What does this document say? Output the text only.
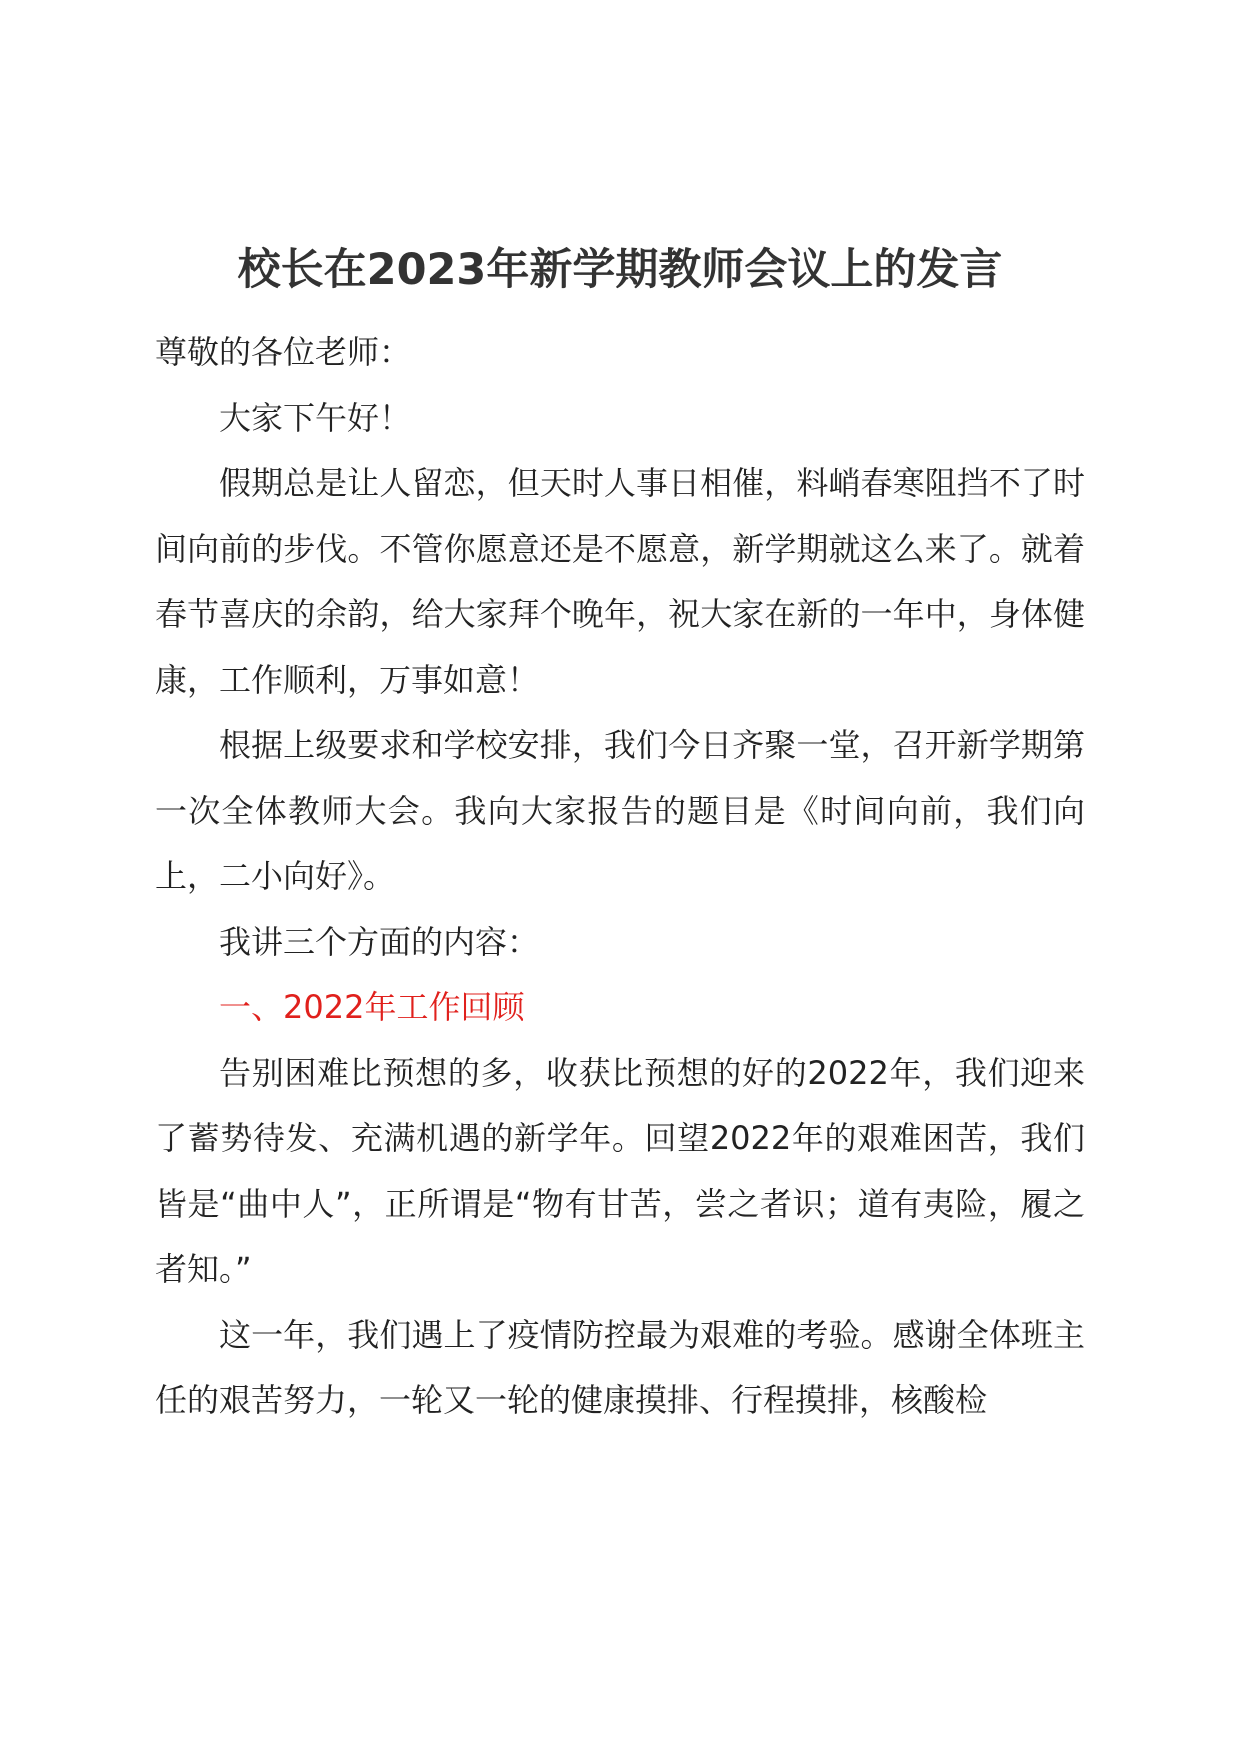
校长在2023年新学期教师会议上的发言

尊敬的各位老师：

大家下午好！

假期总是让人留恋，但天时人事日相催，料峭春寒阻挡不了时间向前的步伐。不管你愿意还是不愿意，新学期就这么来了。就着春节喜庆的余韵，给大家拜个晚年，祝大家在新的一年中，身体健康，工作顺利，万事如意！

根据上级要求和学校安排，我们今日齐聚一堂，召开新学期第一次全体教师大会。我向大家报告的题目是《时间向前，我们向上，二小向好》。

我讲三个方面的内容：

一、2022年工作回顾

告别困难比预想的多，收获比预想的好的2022年，我们迎来了蓄势待发、充满机遇的新学年。回望2022年的艰难困苦，我们皆是“曲中人”，正所谓是“物有甘苦，尝之者识；道有夷险，履之者知。”

这一年，我们遇上了疫情防控最为艰难的考验。感谢全体班主任的艰苦努力，一轮又一轮的健康摸排、行程摸排，核酸检
